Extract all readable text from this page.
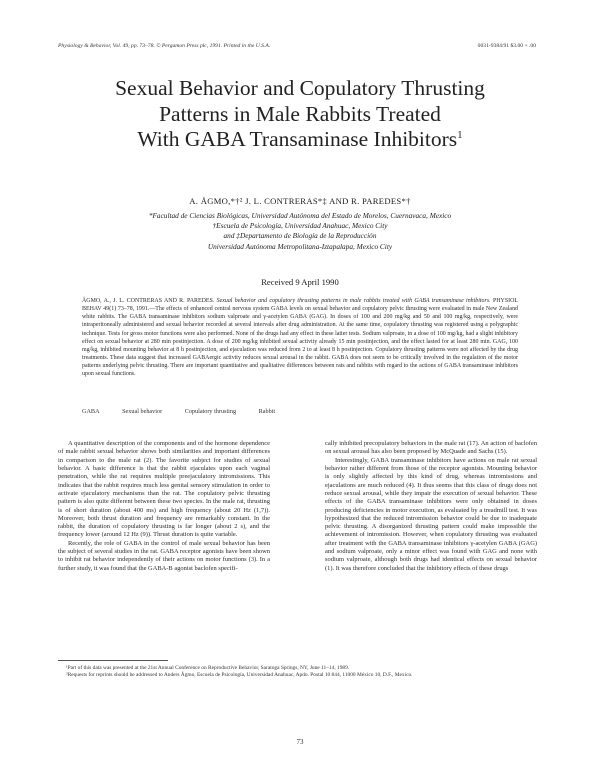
Physiology & Behavior, Vol. 49, pp. 73–78. © Pergamon Press plc, 1991. Printed in the U.S.A.	0031-9384/91 $3.00 + .00
Sexual Behavior and Copulatory Thrusting
Patterns in Male Rabbits Treated
With GABA Transaminase Inhibitors$^1$
A. ÅGMO,*†² J. L. CONTRERAS*‡ AND R. PAREDES*†
*Facultad de Ciencias Biológicas, Universidad Autónoma del Estado de Morelos, Cuernavaca, Mexico
†Escuela de Psicología, Universidad Anahuac, Mexico City
and ‡Departamento de Biología de la Reproducción
Universidad Autónoma Metropolitana-Iztapalapa, Mexico City
Received 9 April 1990
ÅGMO, A., J. L. CONTRERAS AND R. PAREDES. Sexual behavior and copulatory thrusting patterns in male rabbits treated with GABA transaminase inhibitors. PHYSIOL BEHAV 49(1) 73–78, 1991.—The effects of enhanced central nervous system GABA levels on sexual behavior and copulatory pelvic thrusting were evaluated in male New Zealand white rabbits. The GABA transaminase inhibitors sodium valproate and γ-acetylen GABA (GAG). In doses of 100 and 200 mg/kg and 50 and 100 mg/kg, respectively, were intraperitoneally administered and sexual behavior recorded at several intervals after drug administration. At the same time, copulatory thrusting was registered using a polygraphic technique. Tests for gross motor functions were also performed. None of the drugs had any effect in these latter tests. Sodium valproate, in a dose of 100 mg/kg, had a slight inhibitory effect on sexual behavior at 280 min postinjection. A dose of 200 mg/kg inhibited sexual activity already 15 min postinjection, and the effect lasted for at least 280 min. GAG, 100 mg/kg, inhibited mounting behavior at 8 h postinjection, and ejaculation was reduced from 2 to at least 8 h postinjection. Copulatory thrusting patterns were not affected by the drug treatments. These data suggest that increased GABAergic activity reduces sexual arousal in the rabbit. GABA does not seem to be critically involved in the regulation of the motor patterns underlying pelvic thrusting. There are important quantitative and qualitative differences between rats and rabbits with regard to the actions of GABA transaminase inhibitors upon sexual functions.
GABA	Sexual behavior	Copulatory thrusting	Rabbit

A quantitative description of the components and of the hormone dependence of male rabbit sexual behavior shows both similarities and important differences in comparison to the male rat (2). The favorite subject for studies of sexual behavior. A basic difference is that the rabbit ejaculates upon each vaginal penetration, while the rat requires multiple preejaculatory intromissions. This indicates that the rabbit requires much less genital sensory stimulation in order to activate ejaculatory mechanisms than the rat. The copulatory pelvic thrusting pattern is also quite different between these two species. In the male rat, thrusting is of short duration (about 400 ms) and high frequency (about 20 Hz (1,7)). Moreover, both thrust duration and frequency are remarkably constant. In the rabbit, the duration of copulatory thrusting is far longer (about 2 s), and the frequency lower (around 12 Hz (9)). Thrust duration is quite variable.

Recently, the role of GABA in the control of male sexual behavior has been the subject of several studies in the rat. GABA receptor agonists have been shown to inhibit rat behavior independently of their actions on motor functions (3). In a further study, it was found that the GABA-B agonist baclofen specifi-

cally inhibited precopulatory behaviors in the male rat (17). An action of baclofen on sexual arousal has also been proposed by McQuade and Sachs (15).

Interestingly, GABA transaminase inhibitors have actions on male rat sexual behavior rather different from those of the receptor agonists. Mounting behavior is only slightly affected by this kind of drug, whereas intromissions and ejaculations are much reduced (4). It thus seems that this class of drugs does not reduce sexual arousal, while they impair the execution of sexual behavior. These effects of the GABA transaminase inhibitors were only obtained in doses producing deficiencies in motor execution, as evaluated by a treadmill test. It was hypothesized that the reduced intromission behavior could be due to inadequate pelvic thrusting. A disorganized thrusting pattern could make impossible the achievement of intromission. However, when copulatory thrusting was evaluated after treatment with the GABA transaminase inhibitors γ-acetylen GABA (GAG) and sodium valproate, only a minor effect was found with GAG and none with sodium valproate, although both drugs had identical effects on sexual behavior (1). It was therefore concluded that the inhibitory effects of these drugs

¹Part of this data was presented at the 21st Annual Conference on Reproductive Behavior, Saratoga Springs, NY, June 11–14, 1989.

²Requests for reprints should be addressed to Anders Ågmo, Escuela de Psicología, Universidad Anahuac, Apdo. Postal 10 844, 11000 México 10, D.F., Mexico.

73
